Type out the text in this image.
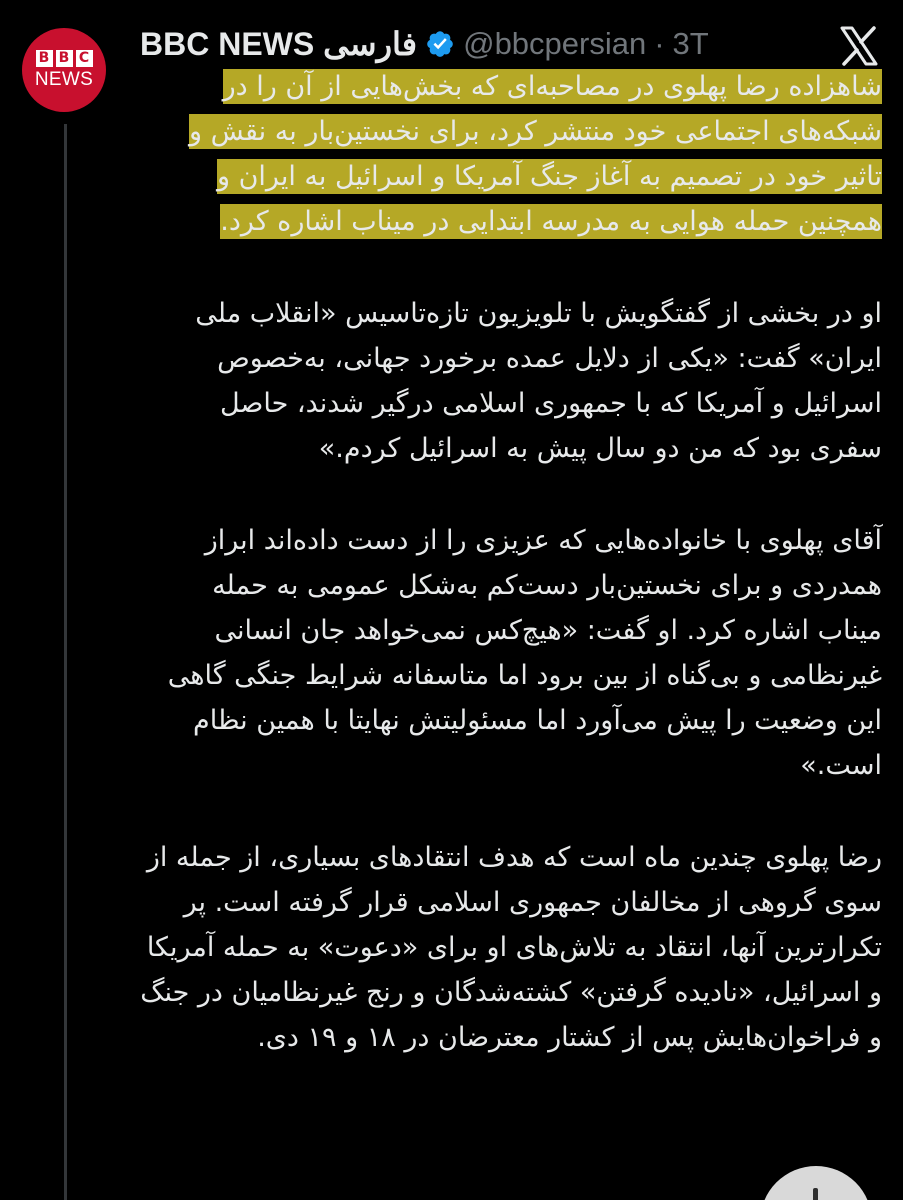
B B C
NEWS
BBC NEWS فارسی @bbcpersian · 3T

شاهزاده رضا پهلوی در مصاحبه‌ای که بخش‌هایی از آن را در شبکه‌های اجتماعی خود منتشر کرد، برای نخستین‌بار به نقش و تاثیر خود در تصمیم به آغاز جنگ آمریکا و اسرائیل به ایران و همچنین حمله هوایی به مدرسه ابتدایی در میناب اشاره کرد.

او در بخشی از گفتگویش با تلویزیون تازه‌تاسیس «انقلاب ملی ایران» گفت: «یکی از دلایل عمده برخورد جهانی، به‌خصوص اسرائیل و آمریکا که با جمهوری اسلامی درگیر شدند، حاصل سفری بود که من دو سال پیش به اسرائیل کردم.»

آقای پهلوی با خانواده‌هایی که عزیزی را از دست داده‌اند ابراز همدردی و برای نخستین‌بار دست‌کم به‌شکل عمومی به حمله میناب اشاره کرد. او گفت: «هیچ‌کس نمی‌خواهد جان انسانی غیرنظامی و بی‌گناه از بین برود اما متاسفانه شرایط جنگی گاهی این وضعیت را پیش می‌آورد اما مسئولیتش نهایتا با همین نظام است.»

رضا پهلوی چندین ماه است که هدف انتقادهای بسیاری، از جمله از سوی گروهی از مخالفان جمهوری اسلامی قرار گرفته است. پر تکرارترین آنها، انتقاد به تلاش‌های او برای «دعوت» به حمله آمریکا و اسرائیل، «نادیده گرفتن» کشته‌شدگان و رنج غیرنظامیان در جنگ و فراخوان‌هایش پس از کشتار معترضان در ۱۸ و ۱۹ دی.
